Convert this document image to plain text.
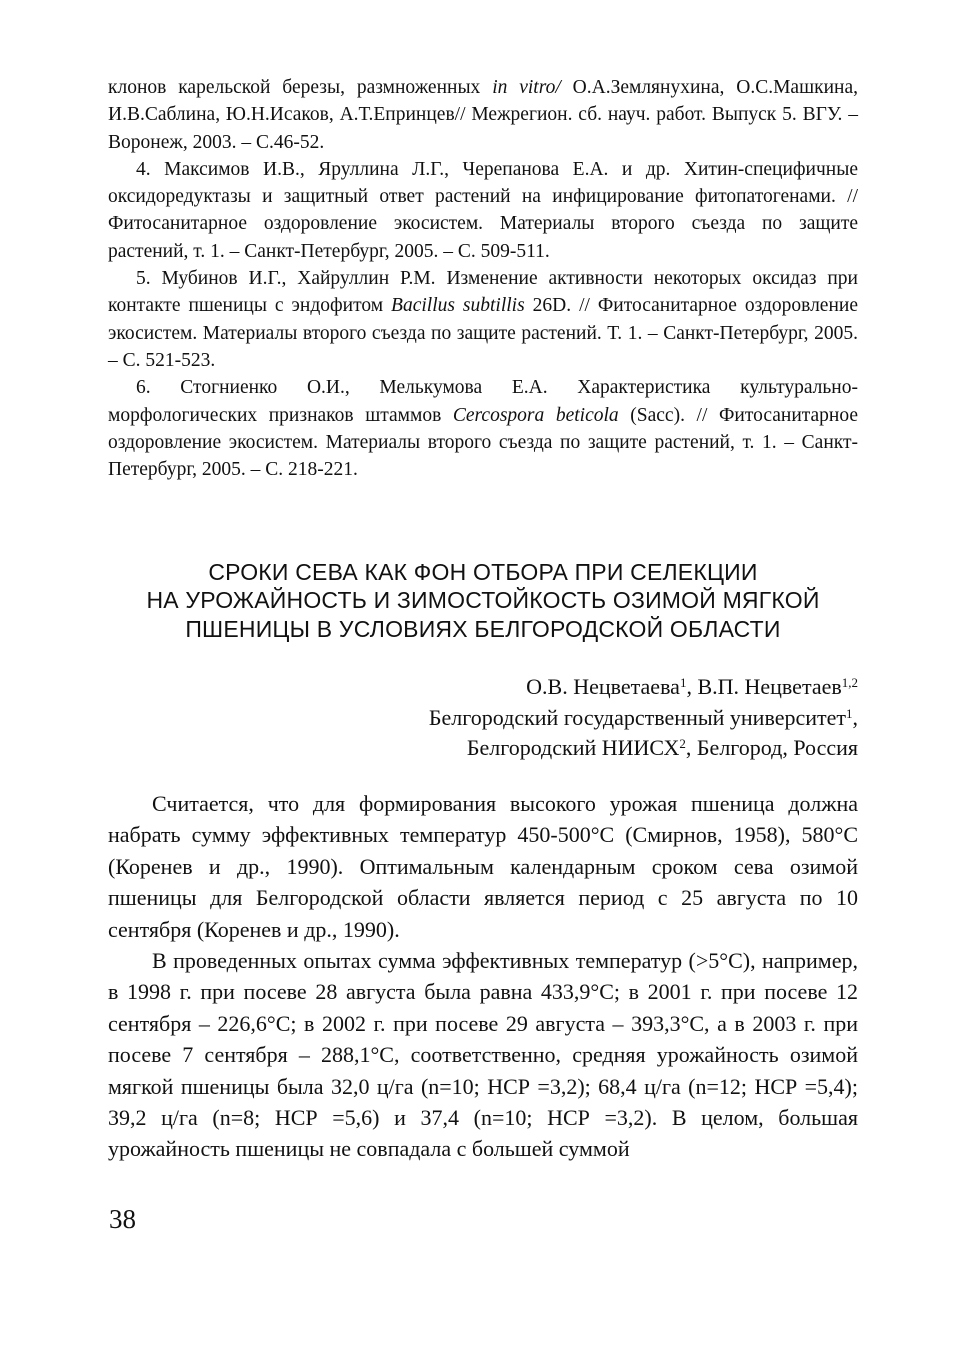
клонов карельской березы, размноженных in vitro/ О.А.Землянухина, О.С.Машкина, И.В.Саблина, Ю.Н.Исаков, А.Т.Епринцев// Межрегион. сб. науч. работ. Выпуск 5. ВГУ. – Воронеж, 2003. – С.46-52.

4. Максимов И.В., Яруллина Л.Г., Черепанова Е.А. и др. Хитин-специфичные оксидоредуктазы и защитный ответ растений на инфицирование фитопатогенами. // Фитосанитарное оздоровление экосистем. Материалы второго съезда по защите растений, т. 1. – Санкт-Петербург, 2005. – С. 509-511.

5. Мубинов И.Г., Хайруллин Р.М. Изменение активности некоторых оксидаз при контакте пшеницы с эндофитом Bacillus subtillis 26D. // Фитосанитарное оздоровление экосистем. Материалы второго съезда по защите растений. Т. 1. – Санкт-Петербург, 2005. – С. 521-523.

6. Стогниенко О.И., Мелькумова Е.А. Характеристика культурально-морфологических признаков штаммов Cercospora beticola (Sacc). // Фитосанитарное оздоровление экосистем. Материалы второго съезда по защите растений, т. 1. – Санкт-Петербург, 2005. – С. 218-221.

СРОКИ СЕВА КАК ФОН ОТБОРА ПРИ СЕЛЕКЦИИ
НА УРОЖАЙНОСТЬ И ЗИМОСТОЙКОСТЬ ОЗИМОЙ МЯГКОЙ
ПШЕНИЦЫ В УСЛОВИЯХ БЕЛГОРОДСКОЙ ОБЛАСТИ
О.В. Нецветаева$^1$, В.П. Нецветаев$^{1,2}$
Белгородский государственный университет$^1$,
Белгородский НИИСХ$^2$, Белгород, Россия

Считается, что для формирования высокого урожая пшеница должна набрать сумму эффективных температур 450-500°С (Смирнов, 1958), 580°С (Коренев и др., 1990). Оптимальным календарным сроком сева озимой пшеницы для Белгородской области является период с 25 августа по 10 сентября (Коренев и др., 1990).

В проведенных опытах сумма эффективных температур (>5°С), например, в 1998 г. при посеве 28 августа была равна 433,9°С; в 2001 г. при посеве 12 сентября – 226,6°С; в 2002 г. при посеве 29 августа – 393,3°С, а в 2003 г. при посеве 7 сентября – 288,1°С, соответственно, средняя урожайность озимой мягкой пшеницы была 32,0 ц/га (n=10; НСР =3,2); 68,4 ц/га (n=12; НСР =5,4); 39,2 ц/га (n=8; НСР =5,6) и 37,4 (n=10; НСР =3,2). В целом, большая урожайность пшеницы не совпадала с большей суммой

38
